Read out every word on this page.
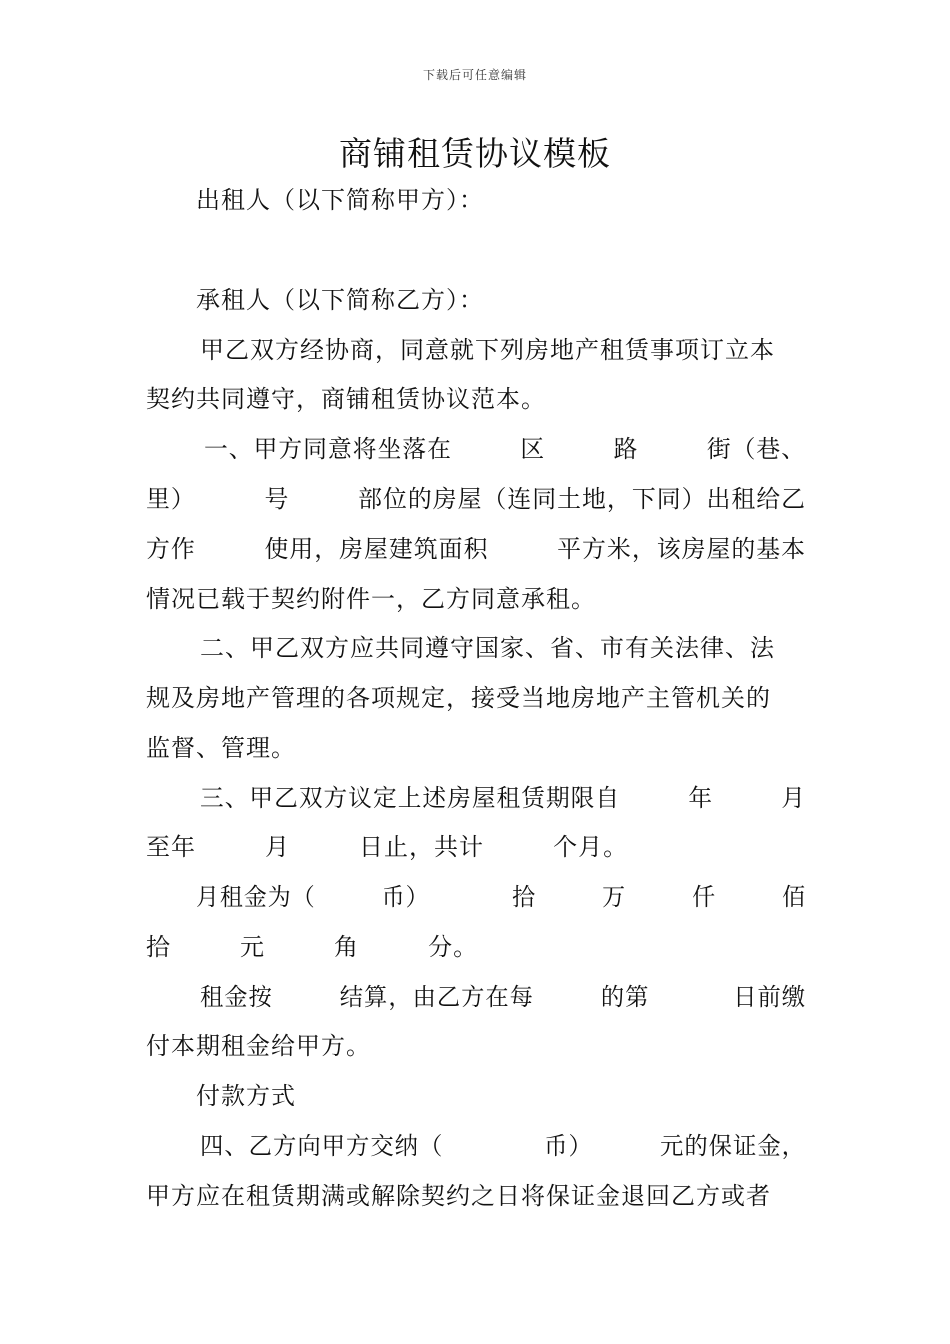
下载后可任意编辑
商铺租赁协议模板
出租人（以下简称甲方）：
承租人（以下简称乙方）：
甲乙双方经协商，同意就下列房地产租赁事项订立本
契约共同遵守，商铺租赁协议范本。
一、甲方同意将坐落在        区        路        街（巷、
里）        号        部位的房屋（连同土地，下同）出租给乙
方作        使用，房屋建筑面积        平方米，该房屋的基本
情况已载于契约附件一，乙方同意承租。
二、甲乙双方应共同遵守国家、省、市有关法律、法
规及房地产管理的各项规定，接受当地房地产主管机关的
监督、管理。
三、甲乙双方议定上述房屋租赁期限自        年        月
至年        月        日止，共计        个月。
月租金为（        币）          拾        万        仟        佰
拾        元        角        分。
租金按        结算，由乙方在每        的第          日前缴
付本期租金给甲方。
付款方式
四、乙方向甲方交纳（            币）        元的保证金，
甲方应在租赁期满或解除契约之日将保证金退回乙方或者
